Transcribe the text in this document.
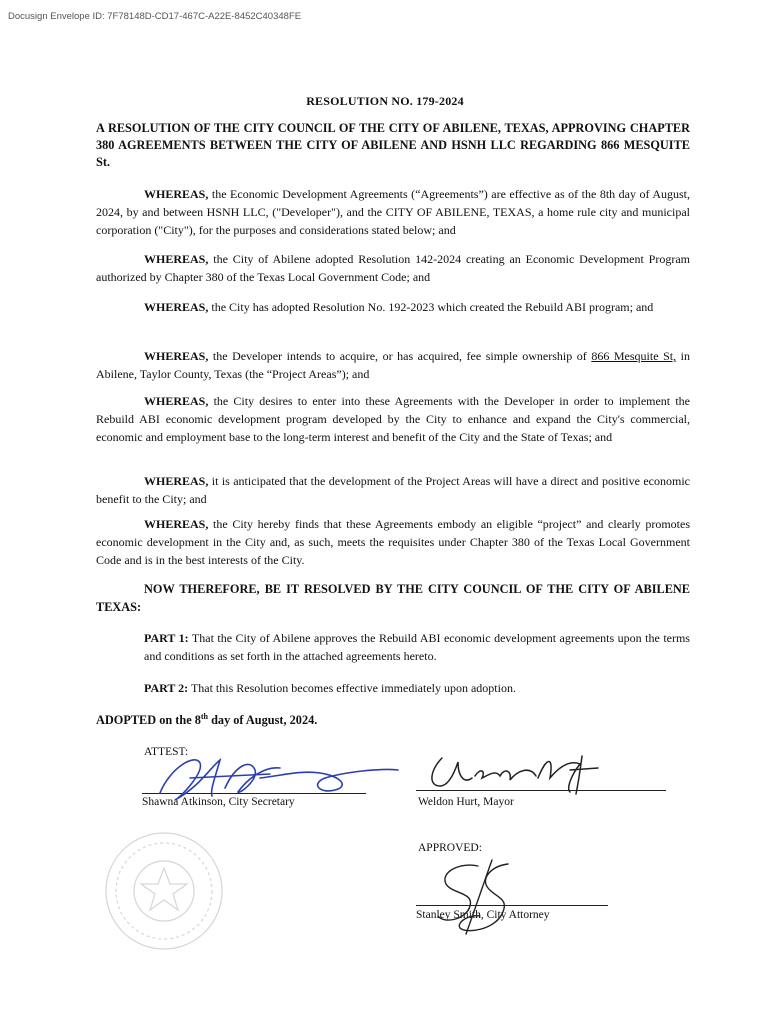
Docusign Envelope ID: 7F78148D-CD17-467C-A22E-8452C40348FE
RESOLUTION NO. 179-2024
A RESOLUTION OF THE CITY COUNCIL OF THE CITY OF ABILENE, TEXAS, APPROVING CHAPTER 380 AGREEMENTS BETWEEN THE CITY OF ABILENE AND HSNH LLC REGARDING 866 MESQUITE St.
WHEREAS, the Economic Development Agreements (“Agreements”) are effective as of the 8th day of August, 2024, by and between HSNH LLC, ("Developer"), and the CITY OF ABILENE, TEXAS, a home rule city and municipal corporation ("City"), for the purposes and considerations stated below; and
WHEREAS, the City of Abilene adopted Resolution 142-2024 creating an Economic Development Program authorized by Chapter 380 of the Texas Local Government Code; and
WHEREAS, the City has adopted Resolution No. 192-2023 which created the Rebuild ABI program; and
WHEREAS, the Developer intends to acquire, or has acquired, fee simple ownership of 866 Mesquite St, in Abilene, Taylor County, Texas (the “Project Areas”); and
WHEREAS, the City desires to enter into these Agreements with the Developer in order to implement the Rebuild ABI economic development program developed by the City to enhance and expand the City's commercial, economic and employment base to the long-term interest and benefit of the City and the State of Texas; and
WHEREAS, it is anticipated that the development of the Project Areas will have a direct and positive economic benefit to the City; and
WHEREAS, the City hereby finds that these Agreements embody an eligible “project” and clearly promotes economic development in the City and, as such, meets the requisites under Chapter 380 of the Texas Local Government Code and is in the best interests of the City.
NOW THEREFORE, BE IT RESOLVED BY THE CITY COUNCIL OF THE CITY OF ABILENE TEXAS:
PART 1: That the City of Abilene approves the Rebuild ABI economic development agreements upon the terms and conditions as set forth in the attached agreements hereto.
PART 2: That this Resolution becomes effective immediately upon adoption.
ADOPTED on the 8th day of August, 2024.
ATTEST:
Shawna Atkinson, City Secretary	Weldon Hurt, Mayor
APPROVED:
Stanley Smith, City Attorney
